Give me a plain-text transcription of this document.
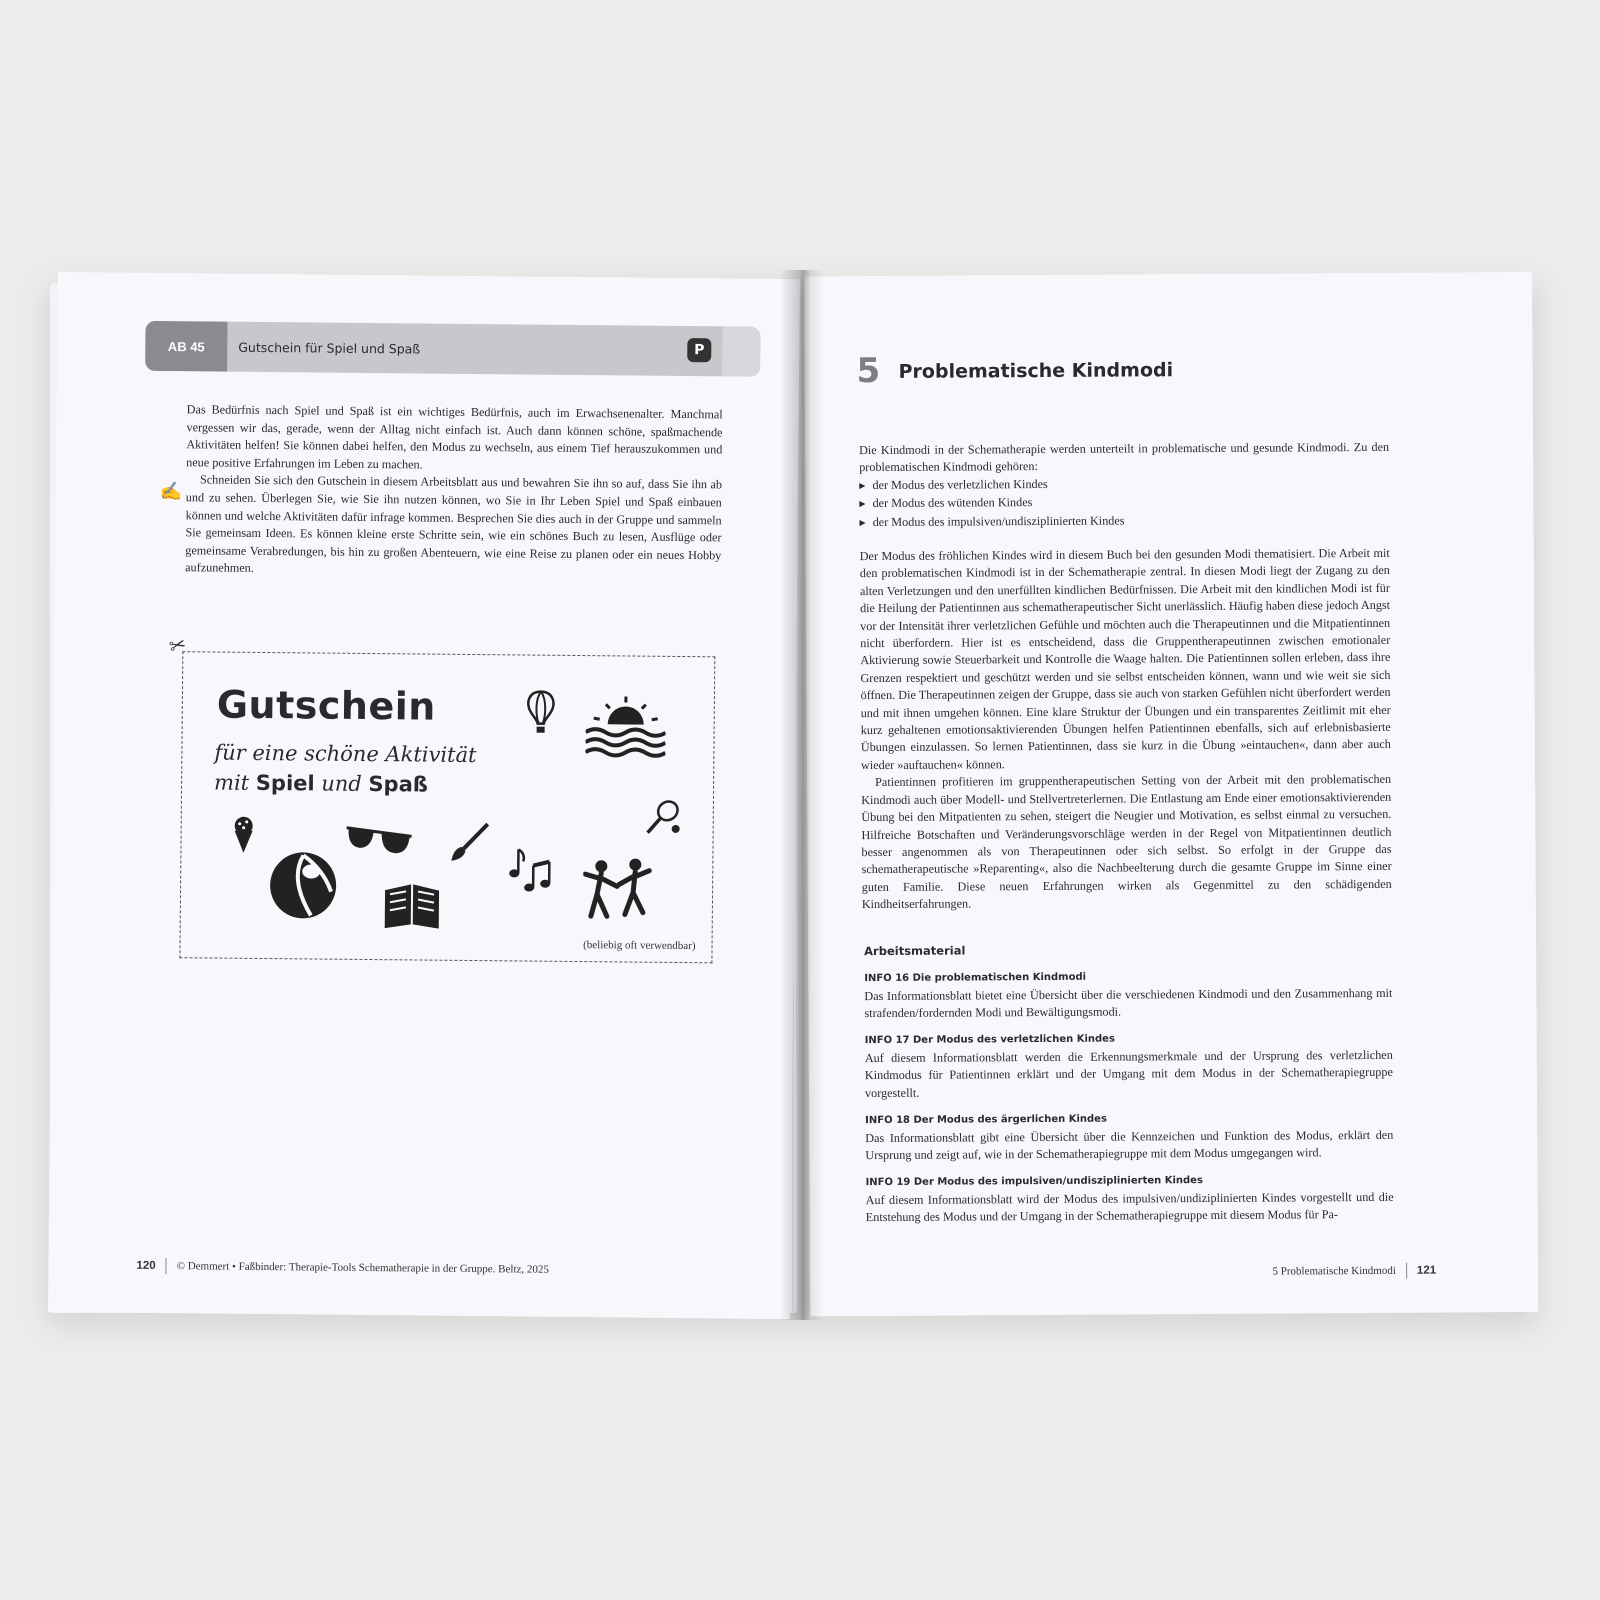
AB 45	Gutschein für Spiel und Spaß	P

Das Bedürfnis nach Spiel und Spaß ist ein wichtiges Bedürfnis, auch im Erwachsenenalter. Manchmal vergessen wir das, gerade, wenn der Alltag nicht einfach ist. Auch dann können schöne, spaßmachende Aktivitäten helfen! Sie können dabei helfen, den Modus zu wechseln, aus einem Tief herauszukommen und neue positive Erfahrungen im Leben zu machen.

Schneiden Sie sich den Gutschein in diesem Arbeitsblatt aus und bewahren Sie ihn so auf, dass Sie ihn ab und zu sehen. Überlegen Sie, wie Sie ihn nutzen können, wo Sie in Ihr Leben Spiel und Spaß einbauen können und welche Aktivitäten dafür infrage kommen. Besprechen Sie dies auch in der Gruppe und sammeln Sie gemeinsam Ideen. Es können kleine erste Schritte sein, wie ein schönes Buch zu lesen, Ausflüge oder gemeinsame Verabredungen, bis hin zu großen Abenteuern, wie eine Reise zu planen oder ein neues Hobby aufzunehmen.

✍
✂
Gutschein
für eine schöne Aktivität
mit Spiel und Spaß
(beliebig oft verwendbar)
120 © Demmert • Faßbinder: Therapie-Tools Schematherapie in der Gruppe. Beltz, 2025
5 Problematische Kindmodi
Die Kindmodi in der Schematherapie werden unterteilt in problematische und gesunde Kindmodi. Zu den problematischen Kindmodi gehören:
▶ der Modus des verletzlichen Kindes
▶ der Modus des wütenden Kindes
▶ der Modus des impulsiven/undisziplinierten Kindes

Der Modus des fröhlichen Kindes wird in diesem Buch bei den gesunden Modi thematisiert. Die Arbeit mit den problematischen Kindmodi ist in der Schematherapie zentral. In diesen Modi liegt der Zugang zu den alten Verletzungen und den unerfüllten kindlichen Bedürfnissen. Die Arbeit mit den kindlichen Modi ist für die Heilung der Patientinnen aus schematherapeutischer Sicht unerlässlich. Häufig haben diese jedoch Angst vor der Intensität ihrer verletzlichen Gefühle und möchten auch die Therapeutinnen und die Mitpatientinnen nicht überfordern. Hier ist es entscheidend, dass die Gruppentherapeutinnen zwischen emotionaler Aktivierung sowie Steuerbarkeit und Kontrolle die Waage halten. Die Patientinnen sollen erleben, dass ihre Grenzen respektiert und geschützt werden und sie selbst entscheiden können, wann und wie weit sie sich öffnen. Die Therapeutinnen zeigen der Gruppe, dass sie auch von starken Gefühlen nicht überfordert werden und mit ihnen umgehen können. Eine klare Struktur der Übungen und ein transparentes Zeitlimit mit eher kurz gehaltenen emotionsaktivierenden Übungen helfen Patientinnen ebenfalls, sich auf erlebnisbasierte Übungen einzulassen. So lernen Patientinnen, dass sie kurz in die Übung »eintauchen«, dann aber auch wieder »auftauchen« können.

Patientinnen profitieren im gruppentherapeutischen Setting von der Arbeit mit den problematischen Kindmodi auch über Modell- und Stellvertreterlernen. Die Entlastung am Ende einer emotionsaktivierenden Übung bei den Mitpatienten zu sehen, steigert die Neugier und Motivation, es selbst einmal zu versuchen. Hilfreiche Botschaften und Veränderungsvorschläge werden in der Regel von Mitpatientinnen deutlich besser angenommen als von Therapeutinnen oder sich selbst. So erfolgt in der Gruppe das schematherapeutische »Reparenting«, also die Nachbeelterung durch die gesamte Gruppe im Sinne einer guten Familie. Diese neuen Erfahrungen wirken als Gegenmittel zu den schädigenden Kindheitserfahrungen.

Arbeitsmaterial
INFO 16 Die problematischen Kindmodi
Das Informationsblatt bietet eine Übersicht über die verschiedenen Kindmodi und den Zusammenhang mit strafenden/fordernden Modi und Bewältigungsmodi.
INFO 17 Der Modus des verletzlichen Kindes
Auf diesem Informationsblatt werden die Erkennungsmerkmale und der Ursprung des verletzlichen Kindmodus für Patientinnen erklärt und der Umgang mit dem Modus in der Schematherapiegruppe vorgestellt.
INFO 18 Der Modus des ärgerlichen Kindes
Das Informationsblatt gibt eine Übersicht über die Kennzeichen und Funktion des Modus, erklärt den Ursprung und zeigt auf, wie in der Schematherapiegruppe mit dem Modus umgegangen wird.
INFO 19 Der Modus des impulsiven/undisziplinierten Kindes
Auf diesem Informationsblatt wird der Modus des impulsiven/undiziplinierten Kindes vorgestellt und die Entstehung des Modus und der Umgang in der Schematherapiegruppe mit diesem Modus für Pa-
5 Problematische Kindmodi 121
